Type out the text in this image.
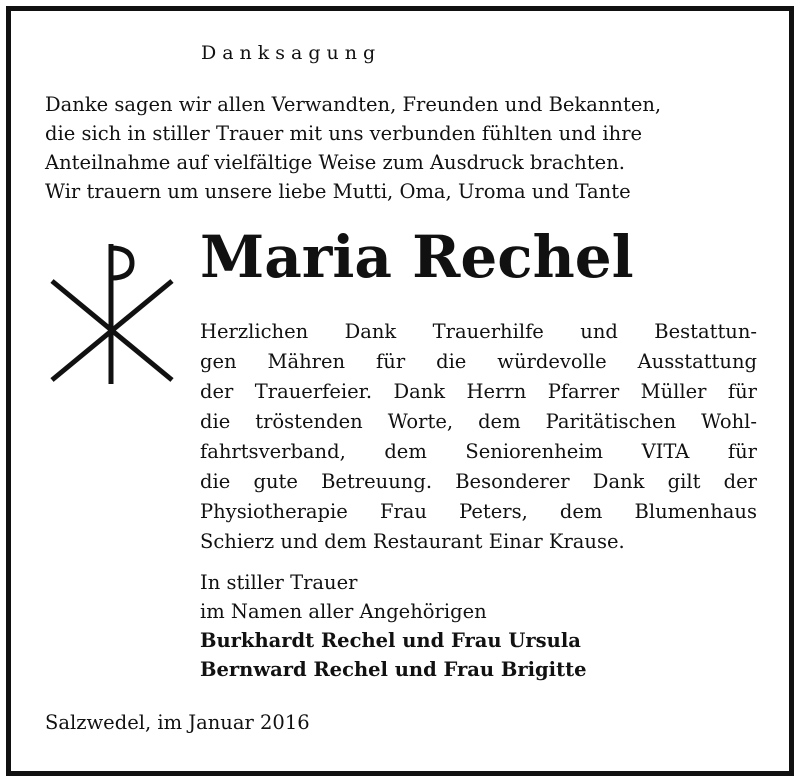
Danksagung
Danke sagen wir allen Verwandten, Freunden und Bekannten,
die sich in stiller Trauer mit uns verbunden fühlten und ihre
Anteilnahme auf vielfältige Weise zum Ausdruck brachten.
Wir trauern um unsere liebe Mutti, Oma, Uroma und Tante
Maria Rechel
Herzlichen Dank Trauerhilfe und Bestattun-
gen Mähren für die würdevolle Ausstattung
der Trauerfeier. Dank Herrn Pfarrer Müller für
die tröstenden Worte, dem Paritätischen Wohl-
fahrtsverband, dem Seniorenheim VITA für
die gute Betreuung. Besonderer Dank gilt der
Physiotherapie Frau Peters, dem Blumenhaus
Schierz und dem Restaurant Einar Krause.
In stiller Trauer
im Namen aller Angehörigen
Burkhardt Rechel und Frau Ursula
Bernward Rechel und Frau Brigitte
Salzwedel, im Januar 2016
